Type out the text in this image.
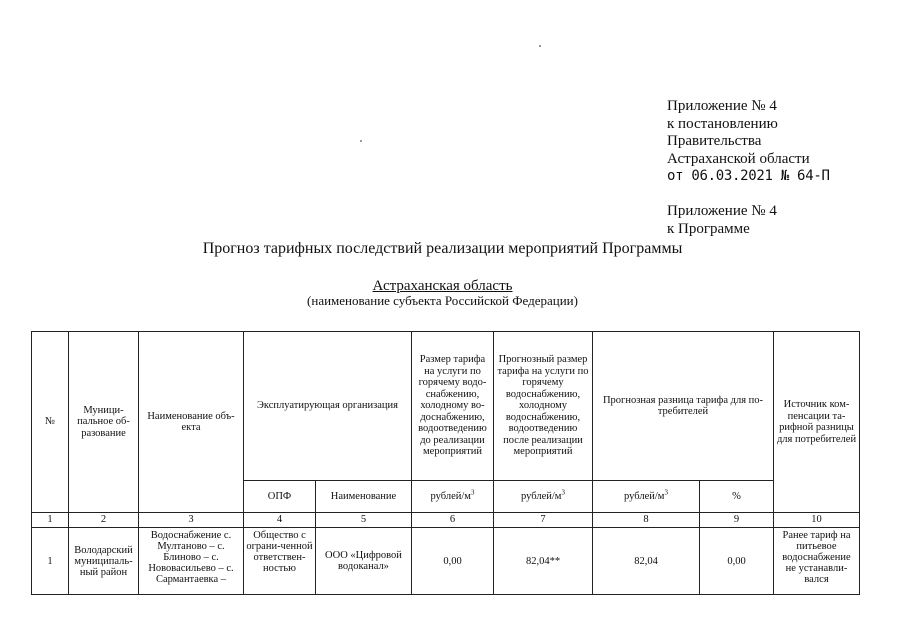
Приложение № 4
к постановлению
Правительства
Астраханской области
от 06.03.2021 № 64-П
Приложение № 4
к Программе
Прогноз тарифных последствий реализации мероприятий Программы
Астраханская область
(наименование субъекта Российской Федерации)
№	Муници-пальное об-разование	Наименование объ-екта	Эксплуатирующая организация		Размер тарифа на услуги по горячему водо-снабжению, холодному во-доснабжению, водоотведению до реализации мероприятий	Прогнозный размер тарифа на услуги по горячему водоснабжению, холодному водоснабжению, водоотведению после реализации мероприятий	Прогнозная разница тарифа для по-требителей		Источник ком-пенсации та-рифной разницы для потребителей
			ОПФ	Наименование	рублей/$м^3$	рублей/$м^3$	рублей/$м^3$	%	
1	2	3	4	5	6	7	8	9	10
1	Володарский муниципаль-ный район	Водоснабжение с. Мултаново – с. Блиново – с. Нововасильево – с. Сармантаевка –	Общество с ограни-ченной ответствен-ностью	ООО «Цифровой водоканал»	0,00	82,04**	82,04	0,00	Ранее тариф на питьевое водоснабжение не устанавли-вался
